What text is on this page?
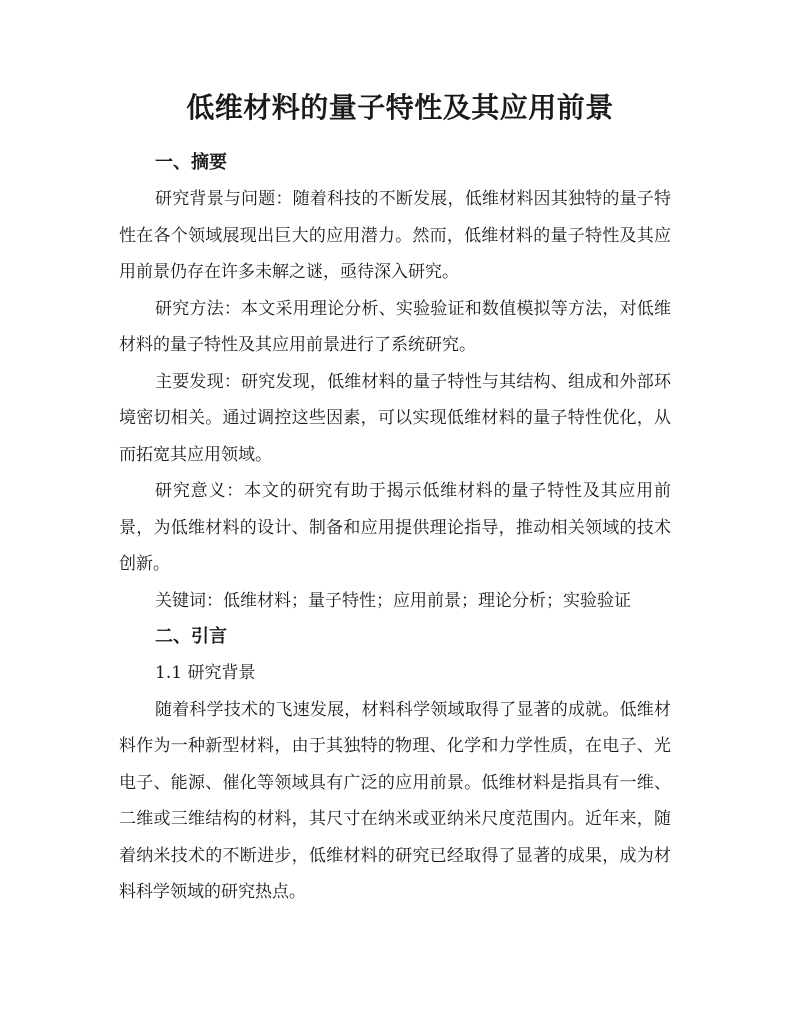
低维材料的量子特性及其应用前景
一、摘要

研究背景与问题：随着科技的不断发展，低维材料因其独特的量子特性在各个领域展现出巨大的应用潜力。然而，低维材料的量子特性及其应用前景仍存在许多未解之谜，亟待深入研究。

研究方法：本文采用理论分析、实验验证和数值模拟等方法，对低维材料的量子特性及其应用前景进行了系统研究。

主要发现：研究发现，低维材料的量子特性与其结构、组成和外部环境密切相关。通过调控这些因素，可以实现低维材料的量子特性优化，从而拓宽其应用领域。

研究意义：本文的研究有助于揭示低维材料的量子特性及其应用前景，为低维材料的设计、制备和应用提供理论指导，推动相关领域的技术创新。

关键词：低维材料；量子特性；应用前景；理论分析；实验验证

二、引言

1.1 研究背景

随着科学技术的飞速发展，材料科学领域取得了显著的成就。低维材料作为一种新型材料，由于其独特的物理、化学和力学性质，在电子、光电子、能源、催化等领域具有广泛的应用前景。低维材料是指具有一维、二维或三维结构的材料，其尺寸在纳米或亚纳米尺度范围内。近年来，随着纳米技术的不断进步，低维材料的研究已经取得了显著的成果，成为材料科学领域的研究热点。
